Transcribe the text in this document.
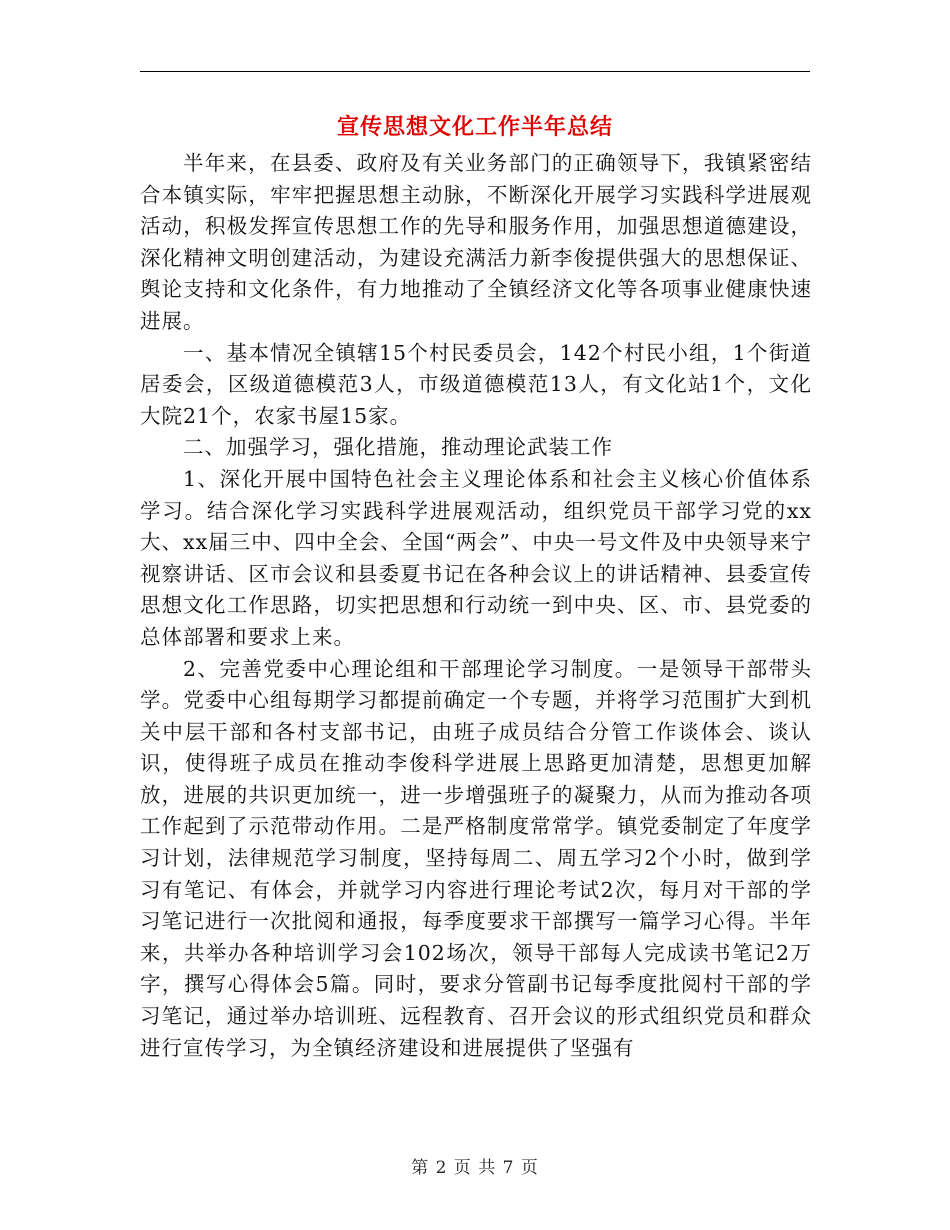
宣传思想文化工作半年总结

半年来，在县委、政府及有关业务部门的正确领导下，我镇紧密结合本镇实际，牢牢把握思想主动脉，不断深化开展学习实践科学进展观活动，积极发挥宣传思想工作的先导和服务作用，加强思想道德建设，深化精神文明创建活动，为建设充满活力新李俊提供强大的思想保证、舆论支持和文化条件，有力地推动了全镇经济文化等各项事业健康快速进展。

一、基本情况全镇辖15个村民委员会，142个村民小组，1个街道居委会，区级道德模范3人，市级道德模范13人，有文化站1个，文化大院21个，农家书屋15家。

二、加强学习，强化措施，推动理论武装工作

1、深化开展中国特色社会主义理论体系和社会主义核心价值体系学习。结合深化学习实践科学进展观活动，组织党员干部学习党的xx大、xx届三中、四中全会、全国“两会”、中央一号文件及中央领导来宁视察讲话、区市会议和县委夏书记在各种会议上的讲话精神、县委宣传思想文化工作思路，切实把思想和行动统一到中央、区、市、县党委的总体部署和要求上来。

2、完善党委中心理论组和干部理论学习制度。一是领导干部带头学。党委中心组每期学习都提前确定一个专题，并将学习范围扩大到机关中层干部和各村支部书记，由班子成员结合分管工作谈体会、谈认识，使得班子成员在推动李俊科学进展上思路更加清楚，思想更加解放，进展的共识更加统一，进一步增强班子的凝聚力，从而为推动各项工作起到了示范带动作用。二是严格制度常常学。镇党委制定了年度学习计划，法律规范学习制度，坚持每周二、周五学习2个小时，做到学习有笔记、有体会，并就学习内容进行理论考试2次，每月对干部的学习笔记进行一次批阅和通报，每季度要求干部撰写一篇学习心得。半年来，共举办各种培训学习会102场次，领导干部每人完成读书笔记2万字，撰写心得体会5篇。同时，要求分管副书记每季度批阅村干部的学习笔记，通过举办培训班、远程教育、召开会议的形式组织党员和群众进行宣传学习，为全镇经济建设和进展提供了坚强有

第 2 页 共 7 页
